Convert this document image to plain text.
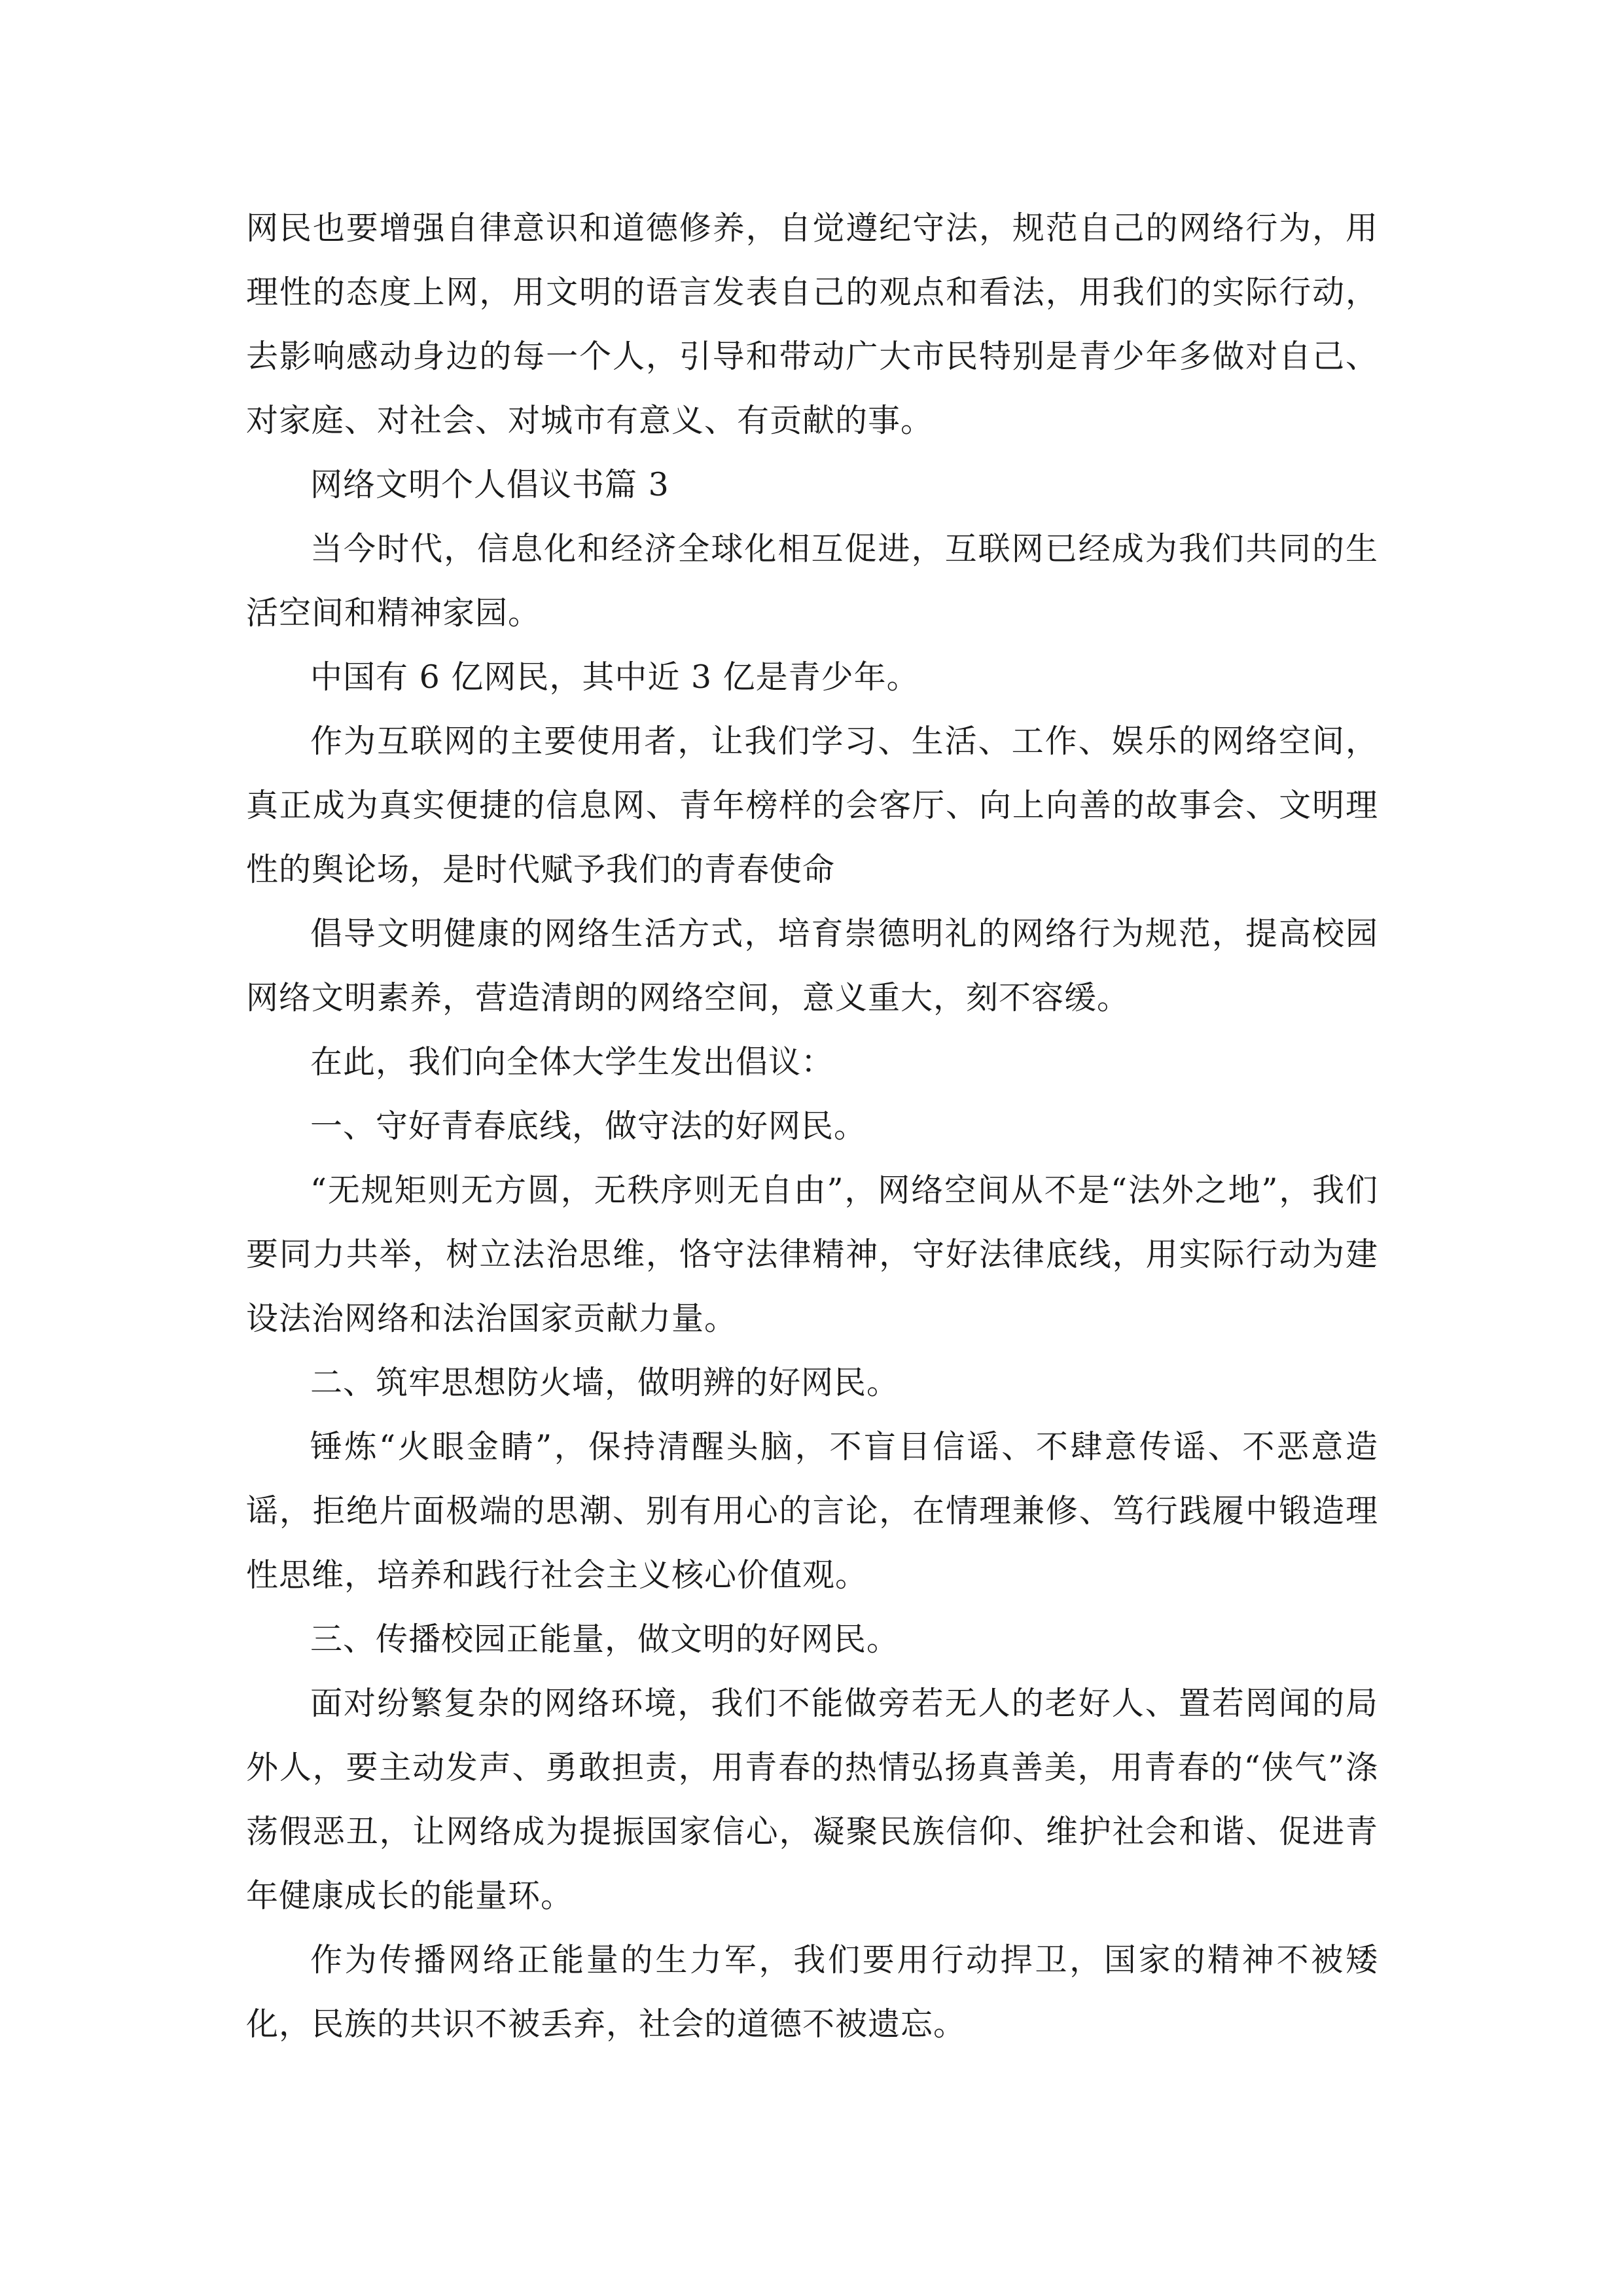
网民也要增强自律意识和道德修养，自觉遵纪守法，规范自己的网络行为，用理性的态度上网，用文明的语言发表自己的观点和看法，用我们的实际行动，去影响感动身边的每一个人，引导和带动广大市民特别是青少年多做对自己、对家庭、对社会、对城市有意义、有贡献的事。

网络文明个人倡议书篇 3

当今时代，信息化和经济全球化相互促进，互联网已经成为我们共同的生活空间和精神家园。

中国有 6 亿网民，其中近 3 亿是青少年。

作为互联网的主要使用者，让我们学习、生活、工作、娱乐的网络空间，真正成为真实便捷的信息网、青年榜样的会客厅、向上向善的故事会、文明理性的舆论场，是时代赋予我们的青春使命

倡导文明健康的网络生活方式，培育崇德明礼的网络行为规范，提高校园网络文明素养，营造清朗的网络空间，意义重大，刻不容缓。

在此，我们向全体大学生发出倡议：

一、守好青春底线，做守法的好网民。

“无规矩则无方圆，无秩序则无自由”，网络空间从不是“法外之地”，我们要同力共举，树立法治思维，恪守法律精神，守好法律底线，用实际行动为建设法治网络和法治国家贡献力量。

二、筑牢思想防火墙，做明辨的好网民。

锤炼“火眼金睛”，保持清醒头脑，不盲目信谣、不肆意传谣、不恶意造谣，拒绝片面极端的思潮、别有用心的言论，在情理兼修、笃行践履中锻造理性思维，培养和践行社会主义核心价值观。

三、传播校园正能量，做文明的好网民。

面对纷繁复杂的网络环境，我们不能做旁若无人的老好人、置若罔闻的局外人，要主动发声、勇敢担责，用青春的热情弘扬真善美，用青春的“侠气”涤荡假恶丑，让网络成为提振国家信心，凝聚民族信仰、维护社会和谐、促进青年健康成长的能量环。

作为传播网络正能量的生力军，我们要用行动捍卫，国家的精神不被矮化，民族的共识不被丢弃，社会的道德不被遗忘。
